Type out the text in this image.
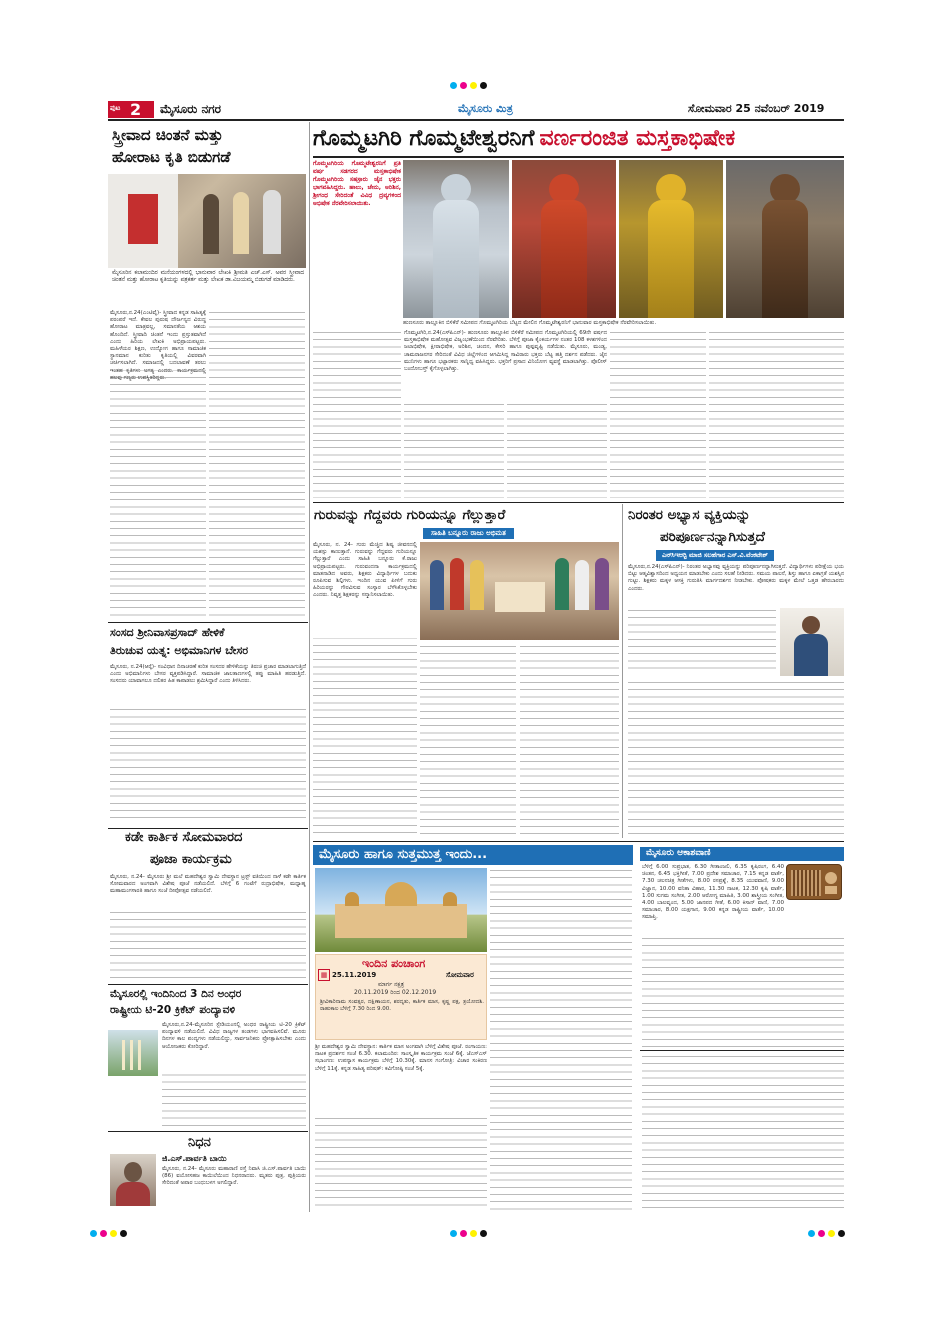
ಪುಟ 2 ಮೈಸೂರು ನಗರ	ಮೈಸೂರು ಮಿತ್ರ	ಸೋಮವಾರ 25 ನವೆಂಬರ್ 2019
ಸ್ತ್ರೀವಾದ ಚಿಂತನೆ ಮತ್ತು
ಹೋರಾಟ ಕೃತಿ ಬಿಡುಗಡೆ
ಮೈಸೂರಿನ ಕಲಾಮಂದಿರ ಮನೆಯಂಗಳದಲ್ಲಿ ಭಾನುವಾರ ಲೇಖಕಿ ಶ್ರೀಮತಿ ಎಚ್.ಎಸ್. ಅವರ ಸ್ತ್ರೀವಾದ ಚಿಂತನೆ ಮತ್ತು ಹೋರಾಟ ಕೃತಿಯನ್ನು ಪತ್ರಕರ್ತ ಮತ್ತು ಲೇಖಕ ಡಾ.ವಿಜಯಮ್ಮ ಬಿಡುಗಡೆ ಮಾಡಿದರು.
ಮೈಸೂರು,ನ.24(ಎಂಟಿವೈ)- ಸ್ತ್ರೀವಾದ ಕನ್ನಡ ಸಾಹಿತ್ಯಕ್ಕೆ ಪರಂಪರೆ ಇದೆ. ಕೇವಲ ಪುರುಷ ದೌರ್ಜನ್ಯದ ವಿರುದ್ಧ ಹೋರಾಟ ಮಾತ್ರವಲ್ಲ, ಸಮಾನತೆಯ ಆಶಯ ಹೊಂದಿದೆ. ಸ್ತ್ರೀವಾದಿ ಚಿಂತನೆ ಇಂದು ಪ್ರಸ್ತುತವಾಗಿದೆ ಎಂದು ಹಿರಿಯ ಲೇಖಕಿ ಅಭಿಪ್ರಾಯಪಟ್ಟರು. ಮಹಿಳೆಯರ ಶಿಕ್ಷಣ, ಉದ್ಯೋಗ ಹಾಗೂ ಸಾಮಾಜಿಕ ಸ್ಥಾನಮಾನ ಕುರಿತು ಕೃತಿಯಲ್ಲಿ ವಿವರವಾಗಿ ಚರ್ಚಿಸಲಾಗಿದೆ. ಸಮಾಜದಲ್ಲಿ ಬದಲಾವಣೆ ತರಲು ಇಂತಹ ಕೃತಿಗಳು ಅಗತ್ಯ ಎಂದರು. ಕಾರ್ಯಕ್ರಮದಲ್ಲಿ ಹಲವು ಗಣ್ಯರು ಉಪಸ್ಥಿತರಿದ್ದರು.
ಸಂಸದ ಶ್ರೀನಿವಾಸಪ್ರಸಾದ್ ಹೇಳಿಕೆ
ತಿರುಚುವ ಯತ್ನ: ಅಭಿಮಾನಿಗಳ ಬೇಸರ
ಮೈಸೂರು, ನ.24(ಆರ್‍ಕೆ)- ಸಂವಿಧಾನ ದಿನಾಚರಣೆ ಕುರಿತ ಸಂಸದರ ಹೇಳಿಕೆಯನ್ನು ತಿರುಚಿ ಪ್ರಚಾರ ಮಾಡಲಾಗುತ್ತಿದೆ ಎಂದು ಅಭಿಮಾನಿಗಳು ಬೇಸರ ವ್ಯಕ್ತಪಡಿಸಿದ್ದಾರೆ. ಸಾಮಾಜಿಕ ಜಾಲತಾಣಗಳಲ್ಲಿ ತಪ್ಪು ಮಾಹಿತಿ ಹರಡುತ್ತಿದೆ. ಸಂಸದರು ಯಾವಾಗಲೂ ದಲಿತರ ಹಿತ ಕಾಪಾಡಲು ಶ್ರಮಿಸಿದ್ದಾರೆ ಎಂದು ತಿಳಿಸಿದರು.
ಕಡೇ ಕಾರ್ತಿಕ ಸೋಮವಾರದ
ಪೂಜಾ ಕಾರ್ಯಕ್ರಮ
ಮೈಸೂರು, ನ.24- ಮೈಸೂರು ಶ್ರೀ ಮಲೆ ಮಹದೇಶ್ವರ ಸ್ವಾಮಿ ದೇವಸ್ಥಾನ ಟ್ರಸ್ಟ್ ವತಿಯಿಂದ ನಾಳೆ ಕಡೇ ಕಾರ್ತಿಕ ಸೋಮವಾರದ ಅಂಗವಾಗಿ ವಿಶೇಷ ಪೂಜೆ ನಡೆಯಲಿದೆ. ಬೆಳಿಗ್ಗೆ 6 ಗಂಟೆಗೆ ರುದ್ರಾಭಿಷೇಕ, ಮಧ್ಯಾಹ್ನ ಮಹಾಮಂಗಳಾರತಿ ಹಾಗೂ ಸಂಜೆ ದೀಪೋತ್ಸವ ನಡೆಯಲಿದೆ.
ಮೈಸೂರಲ್ಲಿ ಇಂದಿನಿಂದ 3 ದಿನ ಅಂಧರ
ರಾಷ್ಟ್ರೀಯ ಟಿ-20 ಕ್ರಿಕೆಟ್ ಪಂದ್ಯಾವಳಿ
ಮೈಸೂರು,ನ.24-ಮೈಸೂರಿನ ಸ್ಟೇಡಿಯಂನಲ್ಲಿ ಅಂಧರ ರಾಷ್ಟ್ರೀಯ ಟಿ-20 ಕ್ರಿಕೆಟ್ ಪಂದ್ಯಾವಳಿ ನಡೆಯಲಿದೆ. ವಿವಿಧ ರಾಜ್ಯಗಳ ತಂಡಗಳು ಭಾಗವಹಿಸಲಿವೆ. ಮೂರು ದಿನಗಳ ಕಾಲ ಪಂದ್ಯಗಳು ನಡೆಯಲಿದ್ದು, ಸಾರ್ವಜನಿಕರು ಪ್ರೋತ್ಸಾಹಿಸಬೇಕು ಎಂದು ಆಯೋಜಕರು ಕೋರಿದ್ದಾರೆ.
ನಿಧನ
ಜಿ.ಎಸ್.ಪಾರ್ವತಿ ಬಾಯಿ
ಮೈಸೂರು, ನ.24- ಮೈಸೂರು ಮಹಾರಾಣಿ ರಸ್ತೆ ನಿವಾಸಿ ಜಿ.ಎಸ್.ಪಾರ್ವತಿ ಬಾಯಿ (86) ವಯೋಸಹಜ ಕಾಯಿಲೆಯಿಂದ ನಿಧನರಾದರು. ಮೃತರು ಪುತ್ರ, ಪುತ್ರಿಯರು ಸೇರಿದಂತೆ ಅಪಾರ ಬಂಧುಬಳಗ ಅಗಲಿದ್ದಾರೆ.
ಗೊಮ್ಮಟಗಿರಿ ಗೊಮ್ಮಟೇಶ್ವರನಿಗೆ ವರ್ಣರಂಜಿತ ಮಸ್ತಕಾಭಿಷೇಕ
ಗೊಮ್ಮಟಗಿರಿಯ ಗೊಮ್ಮಟೇಶ್ವರನಿಗೆ ಪ್ರತಿ ವರ್ಷ ಸಡಗರದ ಮಸ್ತಕಾಭಿಷೇಕ ಗೊಮ್ಮಟಗಿರಿಯ ಸಹಸ್ರಾರು ಜೈನ ಭಕ್ತರು ಭಾಗವಹಿಸಿದ್ದರು. ಹಾಲು, ಜೇನು, ಅರಿಶಿನ, ಶ್ರೀಗಂಧ ಸೇರಿದಂತೆ ವಿವಿಧ ದ್ರವ್ಯಗಳಿಂದ ಅಭಿಷೇಕ ನೆರವೇರಿಸಲಾಯಿತು.
ಹುಣಸೂರು ತಾಲ್ಲೂಕಿನ ಬಿಳಿಕೆರೆ ಸಮೀಪದ ಗೊಮ್ಮಟಗಿರಿಯ ಬೆಟ್ಟದ ಮೇಲಿನ ಗೊಮ್ಮಟೇಶ್ವರನಿಗೆ ಭಾನುವಾರ ಮಸ್ತಕಾಭಿಷೇಕ ನೆರವೇರಿಸಲಾಯಿತು.
ಗೊಮ್ಮಟಗಿರಿ,ನ.24(ಎಸ್‍ಪಿಎನ್)- ಹುಣಸೂರು ತಾಲ್ಲೂಕಿನ ಬಿಳಿಕೆರೆ ಸಮೀಪದ ಗೊಮ್ಮಟಗಿರಿಯಲ್ಲಿ 69ನೇ ವರ್ಷದ ಮಸ್ತಕಾಭಿಷೇಕ ಮಹೋತ್ಸವ ವಿಜೃಂಭಣೆಯಿಂದ ನೆರವೇರಿತು. ಬೆಳಿಗ್ಗೆ ಪೂಜಾ ಕೈಂಕರ್ಯಗಳ ನಂತರ 108 ಕಳಶಗಳಿಂದ ಜಲಾಭಿಷೇಕ, ಕ್ಷೀರಾಭಿಷೇಕ, ಅರಿಶಿನ, ಚಂದನ, ಕೇಸರಿ ಹಾಗೂ ಪುಷ್ಪವೃಷ್ಟಿ ನಡೆಯಿತು. ಮೈಸೂರು, ಮಂಡ್ಯ, ಚಾಮರಾಜನಗರ ಸೇರಿದಂತೆ ವಿವಿಧ ಜಿಲ್ಲೆಗಳಿಂದ ಆಗಮಿಸಿದ್ದ ಸಾವಿರಾರು ಭಕ್ತರು ಬೆಟ್ಟ ಹತ್ತಿ ದರ್ಶನ ಪಡೆದರು. ಜೈನ ಮುನಿಗಳು ಹಾಗೂ ಭಟ್ಟಾರಕರು ಸಾನ್ನಿಧ್ಯ ವಹಿಸಿದ್ದರು. ಭಕ್ತರಿಗೆ ಪ್ರಸಾದ ವಿನಿಯೋಗ ವ್ಯವಸ್ಥೆ ಮಾಡಲಾಗಿತ್ತು. ಪೊಲೀಸ್ ಬಂದೋಬಸ್ತ್ ಕೈಗೊಳ್ಳಲಾಗಿತ್ತು.
ಗುರುವನ್ನು ಗೆದ್ದವರು ಗುರಿಯನ್ನೂ ಗೆಲ್ಲುತ್ತಾರೆ
ಸಾಹಿತಿ ಬನ್ನೂರು ರಾಜು ಅಭಿಮತ
ಮೈಸೂರು, ನ. 24- ಗುರು ಮೆಚ್ಚಿದ ಶಿಷ್ಯ ಜೀವನದಲ್ಲಿ ಯಶಸ್ಸು ಕಾಣುತ್ತಾನೆ. ಗುರುವನ್ನು ಗೆದ್ದವರು ಗುರಿಯನ್ನೂ ಗೆಲ್ಲುತ್ತಾರೆ ಎಂದು ಸಾಹಿತಿ ಬನ್ನೂರು ಕೆ.ರಾಜು ಅಭಿಪ್ರಾಯಪಟ್ಟರು. ಗುರುವಂದನಾ ಕಾರ್ಯಕ್ರಮದಲ್ಲಿ ಮಾತನಾಡಿದ ಅವರು, ಶಿಕ್ಷಕರು ವಿದ್ಯಾರ್ಥಿಗಳ ಬದುಕು ರೂಪಿಸುವ ಶಿಲ್ಪಿಗಳು. ಇಂದಿನ ಯುವ ಪೀಳಿಗೆ ಗುರು ಹಿರಿಯರನ್ನು ಗೌರವಿಸುವ ಸಂಸ್ಕಾರ ಬೆಳೆಸಿಕೊಳ್ಳಬೇಕು ಎಂದರು. ನಿವೃತ್ತ ಶಿಕ್ಷಕರನ್ನು ಸನ್ಮಾನಿಸಲಾಯಿತು.
ನಿರಂತರ ಅಭ್ಯಾಸ ವ್ಯಕ್ತಿಯನ್ನು
ಪರಿಪೂರ್ಣನನ್ನಾಗಿಸುತ್ತದೆ
ಎನ್‍ಸಿಇಆರ್‍ಟಿ ಮಾಜಿ ಸಲಹೆಗಾರ ಎಸ್.ವಿ.ವೆಂಕಟೇಶ್
ಮೈಸೂರು,ನ.24(ಎಸ್‍ಪಿಎನ್)- ನಿರಂತರ ಅಭ್ಯಾಸವು ವ್ಯಕ್ತಿಯನ್ನು ಪರಿಪೂರ್ಣನನ್ನಾಗಿಸುತ್ತದೆ. ವಿದ್ಯಾರ್ಥಿಗಳು ಪರೀಕ್ಷೆಯ ಭಯ ಬಿಟ್ಟು ಆತ್ಮವಿಶ್ವಾಸದಿಂದ ಅಧ್ಯಯನ ಮಾಡಬೇಕು ಎಂದು ಸಲಹೆ ನೀಡಿದರು. ಸಮಯ ಪಾಲನೆ, ಶಿಸ್ತು ಹಾಗೂ ಏಕಾಗ್ರತೆ ಯಶಸ್ಸಿನ ಗುಟ್ಟು. ಶಿಕ್ಷಕರು ಮಕ್ಕಳ ಆಸಕ್ತಿ ಗುರುತಿಸಿ ಮಾರ್ಗದರ್ಶನ ನೀಡಬೇಕು. ಪೋಷಕರು ಮಕ್ಕಳ ಮೇಲೆ ಒತ್ತಡ ಹೇರಬಾರದು ಎಂದರು.
ಮೈಸೂರು ಹಾಗೂ ಸುತ್ತಮುತ್ತ ಇಂದು...
ಇಂದಿನ ಪಂಚಾಂಗ
▦ 25.11.2019	ಸೋಮವಾರ
ಮಾರ್ಗ ನಕ್ಷತ್ರ
20.11.2019 ರಿಂದ 02.12.2019
ಶ್ರೀವಿಕಾರಿನಾಮ ಸಂವತ್ಸರ, ದಕ್ಷಿಣಾಯನ, ಶರದೃತು, ಕಾರ್ತಿಕ ಮಾಸ, ಕೃಷ್ಣ ಪಕ್ಷ, ತ್ರಯೋದಶಿ. ರಾಹುಕಾಲ ಬೆಳಿಗ್ಗೆ 7.30 ರಿಂದ 9.00.
ಶ್ರೀ ಮಹದೇಶ್ವರ ಸ್ವಾಮಿ ದೇವಸ್ಥಾನ: ಕಾರ್ತಿಕ ಮಾಸ ಅಂಗವಾಗಿ ಬೆಳಿಗ್ಗೆ ವಿಶೇಷ ಪೂಜೆ. ರಂಗಾಯಣ: ನಾಟಕ ಪ್ರದರ್ಶನ ಸಂಜೆ 6.30. ಕಲಾಮಂದಿರ: ಸಾಂಸ್ಕೃತಿಕ ಕಾರ್ಯಕ್ರಮ ಸಂಜೆ 6ಕ್ಕೆ. ಜೆಎಸ್‍ಎಸ್ ಸಭಾಂಗಣ: ಉಪನ್ಯಾಸ ಕಾರ್ಯಕ್ರಮ ಬೆಳಿಗ್ಗೆ 10.30ಕ್ಕೆ. ಮಾನಸ ಗಂಗೋತ್ರಿ: ವಿಚಾರ ಸಂಕಿರಣ ಬೆಳಿಗ್ಗೆ 11ಕ್ಕೆ. ಕನ್ನಡ ಸಾಹಿತ್ಯ ಪರಿಷತ್: ಕವಿಗೋಷ್ಠಿ ಸಂಜೆ 5ಕ್ಕೆ.
ಮೈಸೂರು ಆಕಾಶವಾಣಿ
ಬೆಳಿಗ್ಗೆ 6.00 ಸುಪ್ರಭಾತ, 6.30 ಗೀತಾಂಜಲಿ, 6.35 ಕೃಷಿರಂಗ, 6.40 ಚಿಂತನ, 6.45 ಭಕ್ತಿಗೀತೆ, 7.00 ಪ್ರದೇಶ ಸಮಾಚಾರ, 7.15 ಕನ್ನಡ ವಾರ್ತೆ, 7.30 ಚಲನಚಿತ್ರ ಗೀತೆಗಳು, 8.00 ರಸಪ್ರಶ್ನೆ, 8.35 ಯುವವಾಣಿ, 9.00 ವಿಜ್ಞಾನ, 10.00 ವನಿತಾ ವಿಹಾರ, 11.30 ನಾಟಕ, 12.30 ಕೃಷಿ ವಾರ್ತೆ, 1.00 ಸುಗಮ ಸಂಗೀತ, 2.00 ಆರೋಗ್ಯ ಮಾಹಿತಿ, 3.00 ಶಾಸ್ತ್ರೀಯ ಸಂಗೀತ, 4.00 ಬಾಲವೃಂದ, 5.00 ಜಾನಪದ ಗೀತೆ, 6.00 ಕಿಸಾನ್ ವಾಣಿ, 7.00 ಸಮಾಚಾರ, 8.00 ಯಕ್ಷಗಾನ, 9.00 ಕನ್ನಡ ರಾಷ್ಟ್ರೀಯ ವಾರ್ತೆ, 10.00 ಸಮಾಪ್ತಿ.
